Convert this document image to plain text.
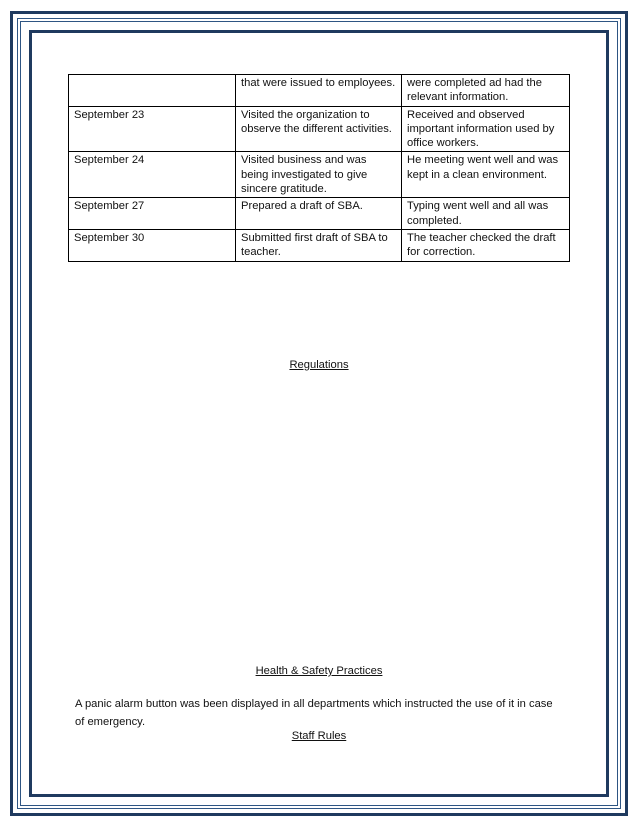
	that were issued to employees.	were completed ad had the relevant information.
September 23	Visited the organization to observe the different activities.	Received and observed important information used by office workers.
September 24	Visited business and was being investigated to give sincere gratitude.	He meeting went well and was kept in a clean environment.
September 27	Prepared a draft of SBA.	Typing went well and all was completed.
September 30	Submitted first draft of SBA to teacher.	The teacher checked the draft for correction.
Regulations
Health & Safety Practices
A panic alarm button was been displayed in all departments which instructed the use of it in case of emergency.
Staff Rules
